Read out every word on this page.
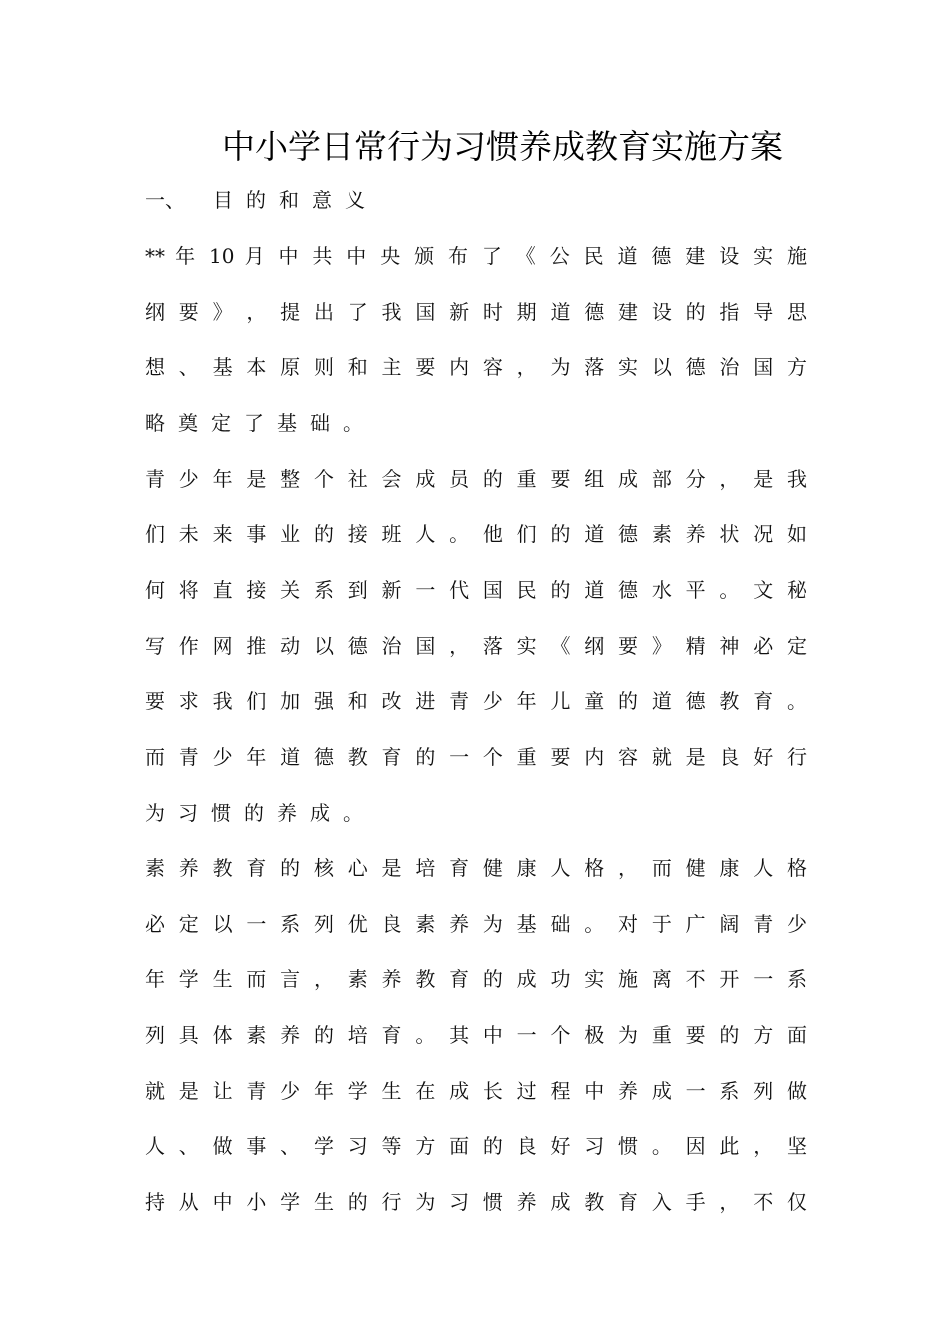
中小学日常行为习惯养成教育实施方案
一、 目的和意义
** 年 10 月 中 共 中 央 颁 布 了 《 公 民 道 德 建 设 实 施
纲 要 》 ， 提 出 了 我 国 新 时 期 道 德 建 设 的 指 导 思
想 、 基 本 原 则 和 主 要 内 容 ， 为 落 实 以 德 治 国 方
略奠定了基础。
青 少 年 是 整 个 社 会 成 员 的 重 要 组 成 部 分 ， 是 我
们 未 来 事 业 的 接 班 人 。 他 们 的 道 德 素 养 状 况 如
何 将 直 接 关 系 到 新 一 代 国 民 的 道 德 水 平 。 文 秘
写 作 网 推 动 以 德 治 国 ， 落 实 《 纲 要 》 精 神 必 定
要 求 我 们 加 强 和 改 进 青 少 年 儿 童 的 道 德 教 育 。
而 青 少 年 道 德 教 育 的 一 个 重 要 内 容 就 是 良 好 行
为习惯的养成。
素 养 教 育 的 核 心 是 培 育 健 康 人 格 ， 而 健 康 人 格
必 定 以 一 系 列 优 良 素 养 为 基 础 。 对 于 广 阔 青 少
年 学 生 而 言 ， 素 养 教 育 的 成 功 实 施 离 不 开 一 系
列 具 体 素 养 的 培 育 。 其 中 一 个 极 为 重 要 的 方 面
就 是 让 青 少 年 学 生 在 成 长 过 程 中 养 成 一 系 列 做
人 、 做 事 、 学 习 等 方 面 的 良 好 习 惯 。 因 此 ， 坚
持 从 中 小 学 生 的 行 为 习 惯 养 成 教 育 入 手 ， 不 仅
